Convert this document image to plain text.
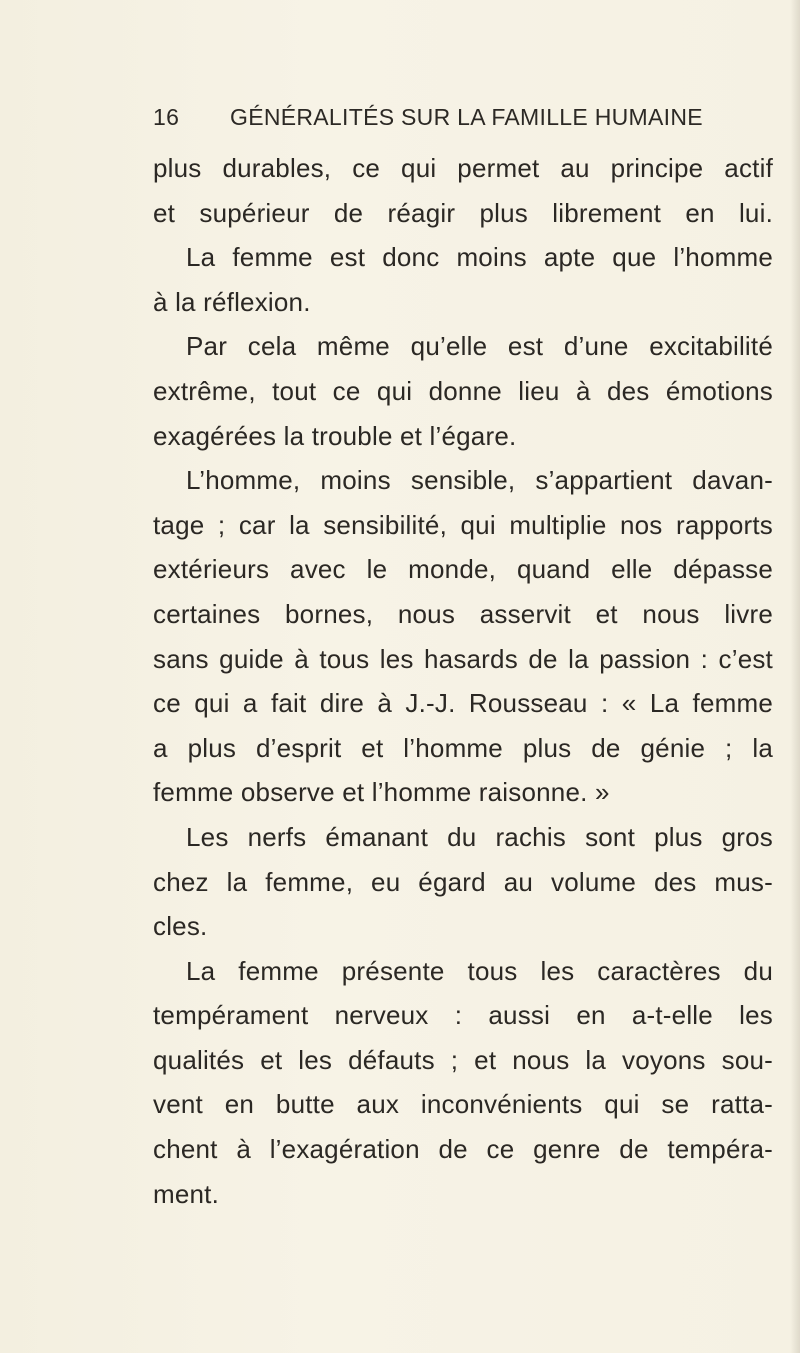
16 GÉNÉRALITÉS SUR LA FAMILLE HUMAINE
plus durables, ce qui permet au principe actif
et supérieur de réagir plus librement en lui.
La femme est donc moins apte que l’homme
à la réflexion.
Par cela même qu’elle est d’une excitabilité
extrême, tout ce qui donne lieu à des émotions
exagérées la trouble et l’égare.
L’homme, moins sensible, s’appartient davan-
tage ; car la sensibilité, qui multiplie nos rapports
extérieurs avec le monde, quand elle dépasse
certaines bornes, nous asservit et nous livre
sans guide à tous les hasards de la passion : c’est
ce qui a fait dire à J.-J. Rousseau : « La femme
a plus d’esprit et l’homme plus de génie ; la
femme observe et l’homme raisonne. »
Les nerfs émanant du rachis sont plus gros
chez la femme, eu égard au volume des mus-
cles.
La femme présente tous les caractères du
tempérament nerveux : aussi en a-t-elle les
qualités et les défauts ; et nous la voyons sou-
vent en butte aux inconvénients qui se ratta-
chent à l’exagération de ce genre de tempéra-
ment.
